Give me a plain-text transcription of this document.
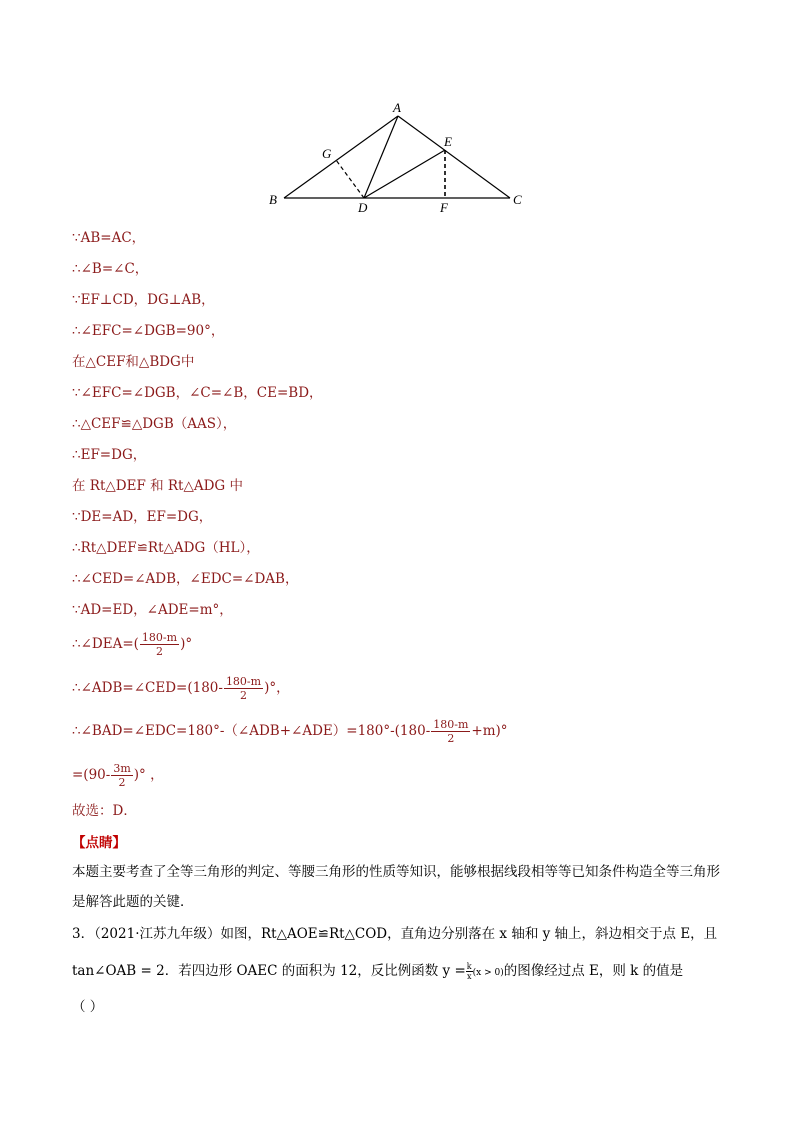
A
B	C
D
E
F
G
∵AB=AC，
∴∠B=∠C，
∵EF⊥CD，DG⊥AB，
∴∠EFC=∠DGB=90°，
在△CEF和△BDG中
∵∠EFC=∠DGB，∠C=∠B，CE=BD，
∴△CEF≌△DGB（AAS），
∴EF=DG，
在 Rt△DEF 和 Rt△ADG 中
∵DE=AD，EF=DG，
∴Rt△DEF≌Rt△ADG（HL），
∴∠CED=∠ADB，∠EDC=∠DAB，
∵AD=ED，∠ADE=m°，
∴∠DEA=( $\frac{180-m}{2}$ )°
∴∠ADB=∠CED=(180- $\frac{180-m}{2}$ )°，
∴∠BAD=∠EDC=180°-（∠ADB+∠ADE）=180°-(180- $\frac{180-m}{2} +m)^\circ$
$=(90- \frac{3m}{2}$ )° ，
故选：D．
【点睛】
本题主要考查了全等三角形的判定、等腰三角形的性质等知识，能够根据线段相等等已知条件构造全等三角形是解答此题的关键．
3．（2021·江苏九年级）如图，Rt△AOE≌Rt△COD，直角边分别落在 x 轴和 y 轴上，斜边相交于点 E，且
tan∠OAB = 2．若四边形 OAEC 的面积为 12，反比例函数 $y = \frac{k}{x} (x > 0)$的图像经过点 E，则 k 的值是
（ ）
